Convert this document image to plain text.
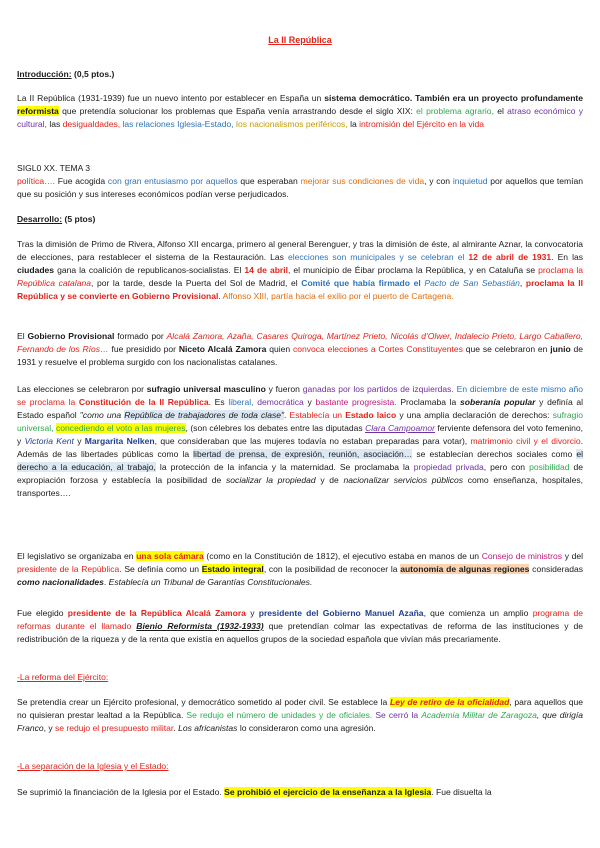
La II República
Introducción: (0,5 ptos.)
La II República (1931-1939) fue un nuevo intento por establecer en España un sistema democrático. También era un proyecto profundamente reformista que pretendía solucionar los problemas que España venía arrastrando desde el siglo XIX: el problema agrario, el atraso económico y cultural, las desigualdades, las relaciones Iglesia-Estado, los nacionalismos periféricos, la intromisión del Ejército en la vida
SIGL0 XX. TEMA 3
política…. Fue acogida con gran entusiasmo por aquellos que esperaban mejorar sus condiciones de vida, y con inquietud por aquellos que temían que su posición y sus intereses económicos podían verse perjudicados.
Desarrollo: (5 ptos)
Tras la dimisión de Primo de Rivera, Alfonso XII encarga, primero al general Berenguer, y tras la dimisión de éste, al almirante Aznar, la convocatoria de elecciones, para restablecer el sistema de la Restauración. Las elecciones son municipales y se celebran el 12 de abril de 1931. En las ciudades gana la coalición de republicanos-socialistas. El 14 de abril, el municipio de Éibar proclama la República, y en Cataluña se proclama la República catalana, por la tarde, desde la Puerta del Sol de Madrid, el Comité que había firmado el Pacto de San Sebastián, proclama la II República y se convierte en Gobierno Provisional. Alfonso XIII, partía hacia el exilio por el puerto de Cartagena.
El Gobierno Provisional formado por Alcalá Zamora, Azaña, Casares Quiroga, Martínez Prieto, Nicolás d'Olwer, Indalecio Prieto, Largo Caballero, Fernando de los Ríos… fue presidido por Niceto Alcalá Zamora quien convoca elecciones a Cortes Constituyentes que se celebraron en junio de 1931 y resuelve el problema surgido con los nacionalistas catalanes.
Las elecciones se celebraron por sufragio universal masculino y fueron ganadas por los partidos de izquierdas. En diciembre de este mismo año se proclama la Constitución de la II República. Es liberal, democrática y bastante progresista. Proclamaba la soberanía popular y definía al Estado español "como una República de trabajadores de toda clase". Establecía un Estado laico y una amplia declaración de derechos: sufragio universal, concediendo el voto a las mujeres, (son célebres los debates entre las diputadas Clara Campoamor ferviente defensora del voto femenino, y Victoria Kent y Margarita Nelken, que consideraban que las mujeres todavía no estaban preparadas para votar), matrimonio civil y el divorcio. Además de las libertades públicas como la libertad de prensa, de expresión, reunión, asociación… se establecían derechos sociales como el derecho a la educación, al trabajo, la protección de la infancia y la maternidad. Se proclamaba la propiedad privada, pero con posibilidad de expropiación forzosa y establecía la posibilidad de socializar la propiedad y de nacionalizar servicios públicos como enseñanza, hospitales, transportes….
El legislativo se organizaba en una sola cámara (como en la Constitución de 1812), el ejecutivo estaba en manos de un Consejo de ministros y del presidente de la República. Se definía como un Estado integral, con la posibilidad de reconocer la autonomía de algunas regiones consideradas como nacionalidades. Establecía un Tribunal de Garantías Constitucionales.
Fue elegido presidente de la República Alcalá Zamora y presidente del Gobierno Manuel Azaña, que comienza un amplio programa de reformas durante el llamado Bienio Reformista (1932-1933) que pretendían colmar las expectativas de reforma de las instituciones y de redistribución de la riqueza y de la renta que existía en aquellos grupos de la sociedad española que vivían más precariamente.
-La reforma del Ejército:
Se pretendía crear un Ejército profesional, y democrático sometido al poder civil. Se establece la Ley de retiro de la oficialidad, para aquellos que no quisieran prestar lealtad a la República. Se redujo el número de unidades y de oficiales. Se cerró la Academia Militar de Zaragoza, que dirigía Franco, y se redujo el presupuesto militar. Los africanistas lo consideraron como una agresión.
-La separación de la Iglesia y el Estado:
Se suprimió la financiación de la Iglesia por el Estado. Se prohibió el ejercicio de la enseñanza a la Iglesia. Fue disuelta la
